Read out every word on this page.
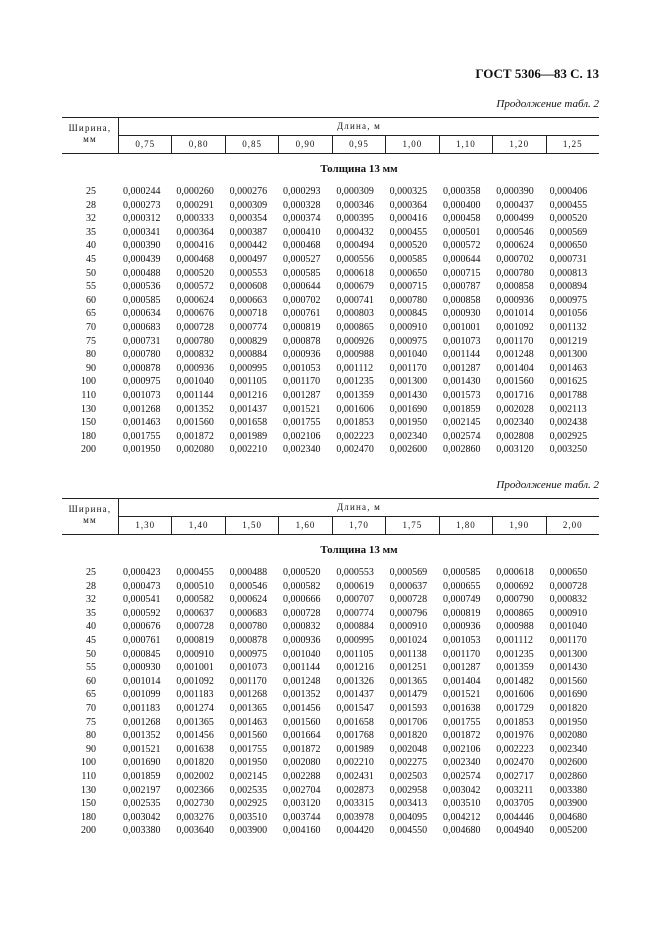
ГОСТ 5306—83 С. 13
Продолжение табл. 2
Ширина,
мм
Длина, м
0,75	0,80	0,85	0,90	0,95	1,00	1,10	1,20	1,25
Толщина 13 мм
25	0,000244	0,000260	0,000276	0,000293	0,000309	0,000325	0,000358	0,000390	0,000406
28	0,000273	0,000291	0,000309	0,000328	0,000346	0,000364	0,000400	0,000437	0,000455
32	0,000312	0,000333	0,000354	0,000374	0,000395	0,000416	0,000458	0,000499	0,000520
35	0,000341	0,000364	0,000387	0,000410	0,000432	0,000455	0,000501	0,000546	0,000569
40	0,000390	0,000416	0,000442	0,000468	0,000494	0,000520	0,000572	0,000624	0,000650
45	0,000439	0,000468	0,000497	0,000527	0,000556	0,000585	0,000644	0,000702	0,000731
50	0,000488	0,000520	0,000553	0,000585	0,000618	0,000650	0,000715	0,000780	0,000813
55	0,000536	0,000572	0,000608	0,000644	0,000679	0,000715	0,000787	0,000858	0,000894
60	0,000585	0,000624	0,000663	0,000702	0,000741	0,000780	0,000858	0,000936	0,000975
65	0,000634	0,000676	0,000718	0,000761	0,000803	0,000845	0,000930	0,001014	0,001056
70	0,000683	0,000728	0,000774	0,000819	0,000865	0,000910	0,001001	0,001092	0,001132
75	0,000731	0,000780	0,000829	0,000878	0,000926	0,000975	0,001073	0,001170	0,001219
80	0,000780	0,000832	0,000884	0,000936	0,000988	0,001040	0,001144	0,001248	0,001300
90	0,000878	0,000936	0,000995	0,001053	0,001112	0,001170	0,001287	0,001404	0,001463
100	0,000975	0,001040	0,001105	0,001170	0,001235	0,001300	0,001430	0,001560	0,001625
110	0,001073	0,001144	0,001216	0,001287	0,001359	0,001430	0,001573	0,001716	0,001788
130	0,001268	0,001352	0,001437	0,001521	0,001606	0,001690	0,001859	0,002028	0,002113
150	0,001463	0,001560	0,001658	0,001755	0,001853	0,001950	0,002145	0,002340	0,002438
180	0,001755	0,001872	0,001989	0,002106	0,002223	0,002340	0,002574	0,002808	0,002925
200	0,001950	0,002080	0,002210	0,002340	0,002470	0,002600	0,002860	0,003120	0,003250
Продолжение табл. 2
Ширина,
мм
Длина, м
1,30	1,40	1,50	1,60	1,70	1,75	1,80	1,90	2,00
Толщина 13 мм
25	0,000423	0,000455	0,000488	0,000520	0,000553	0,000569	0,000585	0,000618	0,000650
28	0,000473	0,000510	0,000546	0,000582	0,000619	0,000637	0,000655	0,000692	0,000728
32	0,000541	0,000582	0,000624	0,000666	0,000707	0,000728	0,000749	0,000790	0,000832
35	0,000592	0,000637	0,000683	0,000728	0,000774	0,000796	0,000819	0,000865	0,000910
40	0,000676	0,000728	0,000780	0,000832	0,000884	0,000910	0,000936	0,000988	0,001040
45	0,000761	0,000819	0,000878	0,000936	0,000995	0,001024	0,001053	0,001112	0,001170
50	0,000845	0,000910	0,000975	0,001040	0,001105	0,001138	0,001170	0,001235	0,001300
55	0,000930	0,001001	0,001073	0,001144	0,001216	0,001251	0,001287	0,001359	0,001430
60	0,001014	0,001092	0,001170	0,001248	0,001326	0,001365	0,001404	0,001482	0,001560
65	0,001099	0,001183	0,001268	0,001352	0,001437	0,001479	0,001521	0,001606	0,001690
70	0,001183	0,001274	0,001365	0,001456	0,001547	0,001593	0,001638	0,001729	0,001820
75	0,001268	0,001365	0,001463	0,001560	0,001658	0,001706	0,001755	0,001853	0,001950
80	0,001352	0,001456	0,001560	0,001664	0,001768	0,001820	0,001872	0,001976	0,002080
90	0,001521	0,001638	0,001755	0,001872	0,001989	0,002048	0,002106	0,002223	0,002340
100	0,001690	0,001820	0,001950	0,002080	0,002210	0,002275	0,002340	0,002470	0,002600
110	0,001859	0,002002	0,002145	0,002288	0,002431	0,002503	0,002574	0,002717	0,002860
130	0,002197	0,002366	0,002535	0,002704	0,002873	0,002958	0,003042	0,003211	0,003380
150	0,002535	0,002730	0,002925	0,003120	0,003315	0,003413	0,003510	0,003705	0,003900
180	0,003042	0,003276	0,003510	0,003744	0,003978	0,004095	0,004212	0,004446	0,004680
200	0,003380	0,003640	0,003900	0,004160	0,004420	0,004550	0,004680	0,004940	0,005200
